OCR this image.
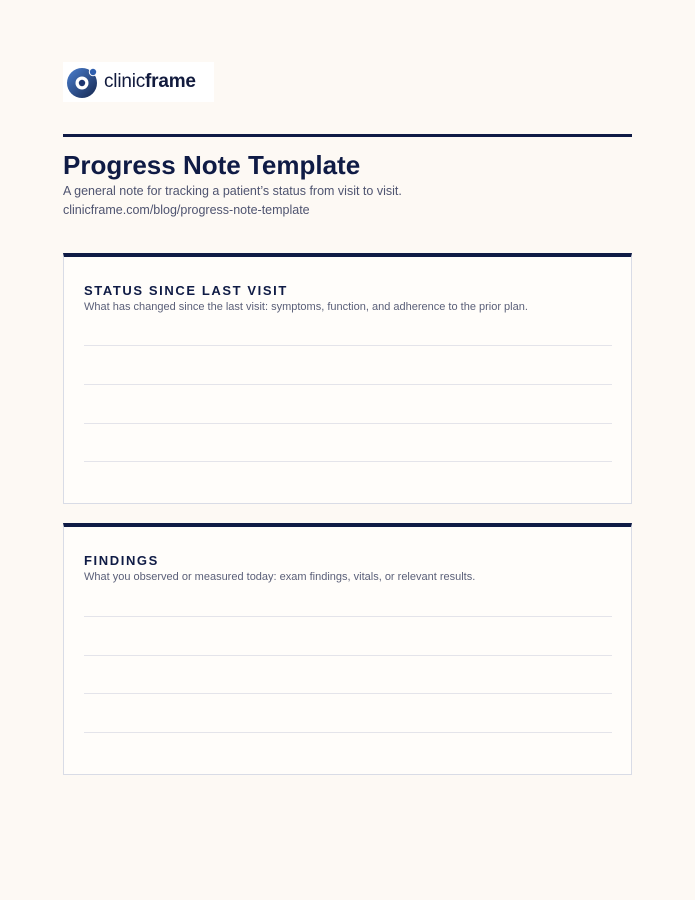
clinicframe
Progress Note Template
A general note for tracking a patient’s status from visit to visit.
clinicframe.com/blog/progress-note-template
STATUS SINCE LAST VISIT
What has changed since the last visit: symptoms, function, and adherence to the prior plan.
FINDINGS
What you observed or measured today: exam findings, vitals, or relevant results.
